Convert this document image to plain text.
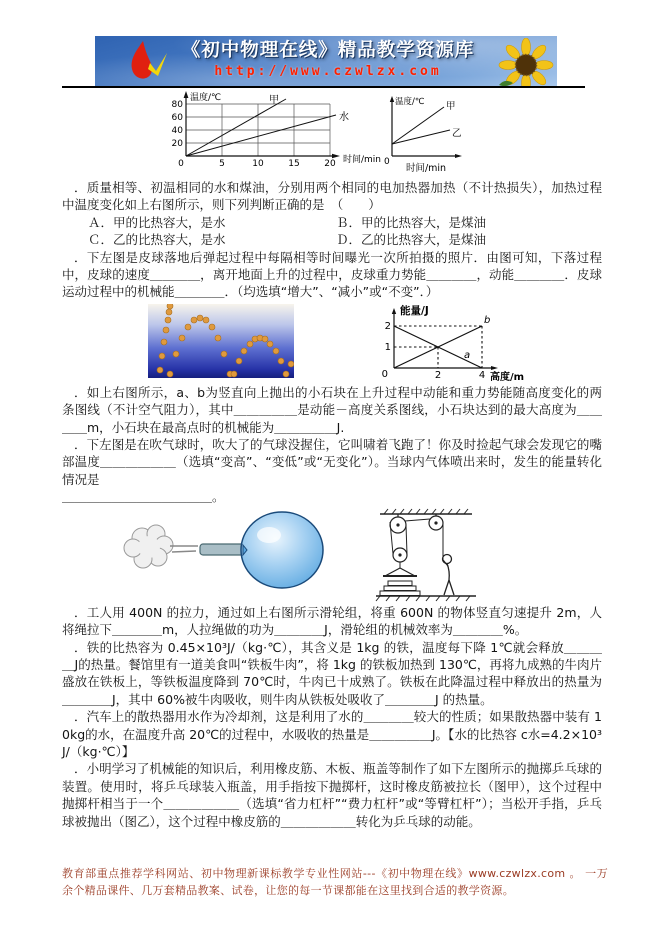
《初中物理在线》精品教学资源库
http://www.czwlzx.com
温度/℃	甲
水
80
60
40
20
0	5	10	15	20 时间/min
温度/℃ 甲
乙
0
时间/min

．质量相等、初温相同的水和煤油，分别用两个相同的电加热器加热（不计热损失），加热过程中温度变化如上右图所示，则下列判断正确的是　（　　）

Ａ．甲的比热容大，是水	Ｂ．甲的比热容大，是煤油
Ｃ．乙的比热容大，是水	Ｄ．乙的比热容大，是煤油

．下左图是皮球落地后弹起过程中每隔相等时间曝光一次所拍摄的照片．由图可知，下落过程中，皮球的速度＿＿＿＿，离开地面上升的过程中，皮球重力势能＿＿＿＿，动能＿＿＿＿．皮球运动过程中的机械能＿＿＿＿．（均选填“增大”、“减小”或“不变”．）

能量/J
2
1
0	2	4
a
b
高度/m

．如上右图所示，a、b为竖直向上抛出的小石块在上升过程中动能和重力势能随高度变化的两条图线（不计空气阻力），其中＿＿＿＿＿是动能－高度关系图线，小石块达到的最大高度为＿＿＿＿m，小石块在最高点时的机械能为＿＿＿＿＿J.

．下左图是在吹气球时，吹大了的气球没握住，它叫啸着飞跑了！你及时捡起气球会发现它的嘴部温度＿＿＿＿＿＿（选填“变高”、“变低”或“无变化”）。当球内气体喷出来时，发生的能量转化情况是

＿＿＿＿＿＿＿＿＿＿＿＿。

．工人用 400N 的拉力，通过如上右图所示滑轮组，将重 600N 的物体竖直匀速提升 2m，人将绳拉下＿＿＿＿m，人拉绳做的功为＿＿＿＿J，滑轮组的机械效率为＿＿＿＿%。

．铁的比热容为 0.45×10³J/（kg·℃），其含义是 1kg 的铁，温度每下降 1℃就会释放＿＿＿＿J的热量。餐馆里有一道美食叫“铁板牛肉”，将 1kg 的铁板加热到 130℃，再将九成熟的牛肉片盛放在铁板上，等铁板温度降到 70℃时，牛肉已十成熟了。铁板在此降温过程中释放出的热量为＿＿＿＿J，其中 60%被牛肉吸收，则牛肉从铁板处吸收了＿＿＿＿J 的热量。

．汽车上的散热器用水作为冷却剂，这是利用了水的＿＿＿＿较大的性质；如果散热器中装有 10kg的水，在温度升高 20℃的过程中，水吸收的热量是＿＿＿＿＿J。【水的比热容 c水=4.2×10³J/（kg·℃）】

．小明学习了机械能的知识后，利用橡皮筋、木板、瓶盖等制作了如下左图所示的抛掷乒乓球的装置。使用时，将乒乓球装入瓶盖，用手指按下抛掷杆，这时橡皮筋被拉长（图甲），这个过程中抛掷杆相当于一个＿＿＿＿＿＿（选填“省力杠杆”“费力杠杆”或“等臂杠杆”）；当松开手指，乒乓球被抛出（图乙），这个过程中橡皮筋的＿＿＿＿＿＿转化为乒乓球的动能。

教育部重点推荐学科网站、初中物理新课标教学专业性网站---《初中物理在线》www.czwlzx.com 。 一万余个精品课件、几万套精品教案、试卷，让您的每一节课都能在这里找到合适的教学资源。
